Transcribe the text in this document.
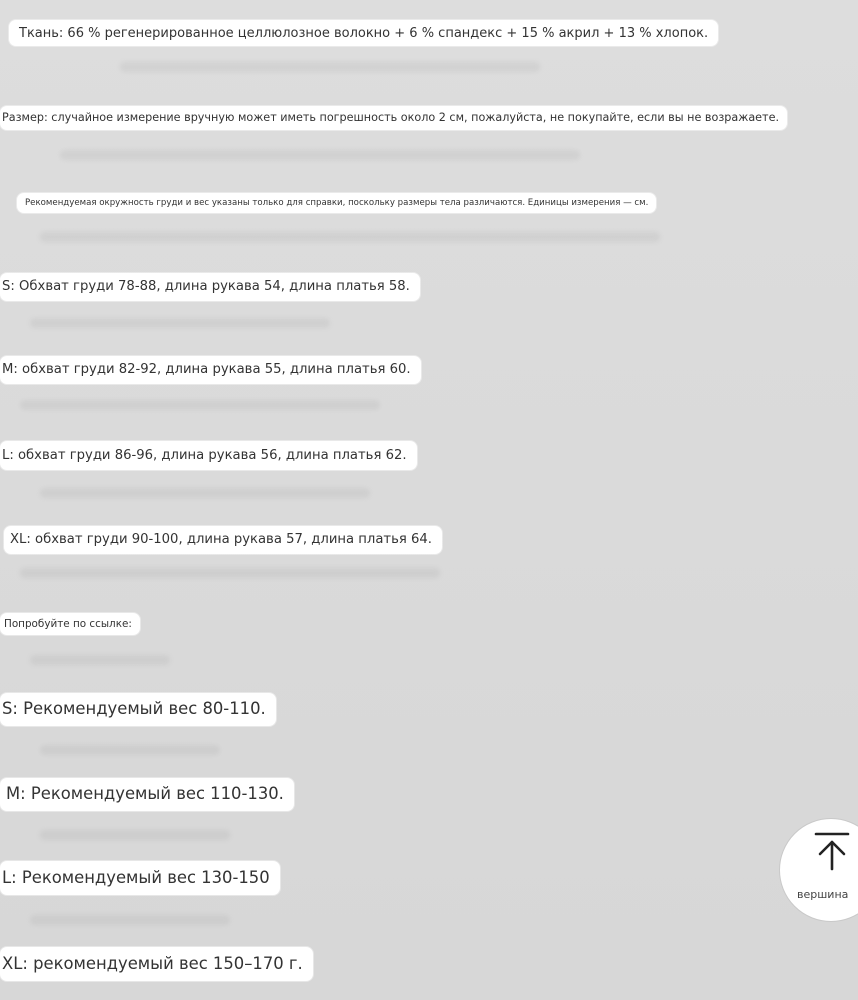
Ткань: 66 % регенерированное целлюлозное волокно + 6 % спандекс + 15 % акрил + 13 % хлопок.
Размер: случайное измерение вручную может иметь погрешность около 2 см, пожалуйста, не покупайте, если вы не возражаете.
Рекомендуемая окружность груди и вес указаны только для справки, поскольку размеры тела различаются. Единицы измерения — см.
S: Обхват груди 78-88, длина рукава 54, длина платья 58.
M: обхват груди 82-92, длина рукава 55, длина платья 60.
L: обхват груди 86-96, длина рукава 56, длина платья 62.
XL: обхват груди 90-100, длина рукава 57, длина платья 64.
Попробуйте по ссылке:
S: Рекомендуемый вес 80-110.
M: Рекомендуемый вес 110-130.
L: Рекомендуемый вес 130-150
XL: рекомендуемый вес 150–170 г.
вершина
